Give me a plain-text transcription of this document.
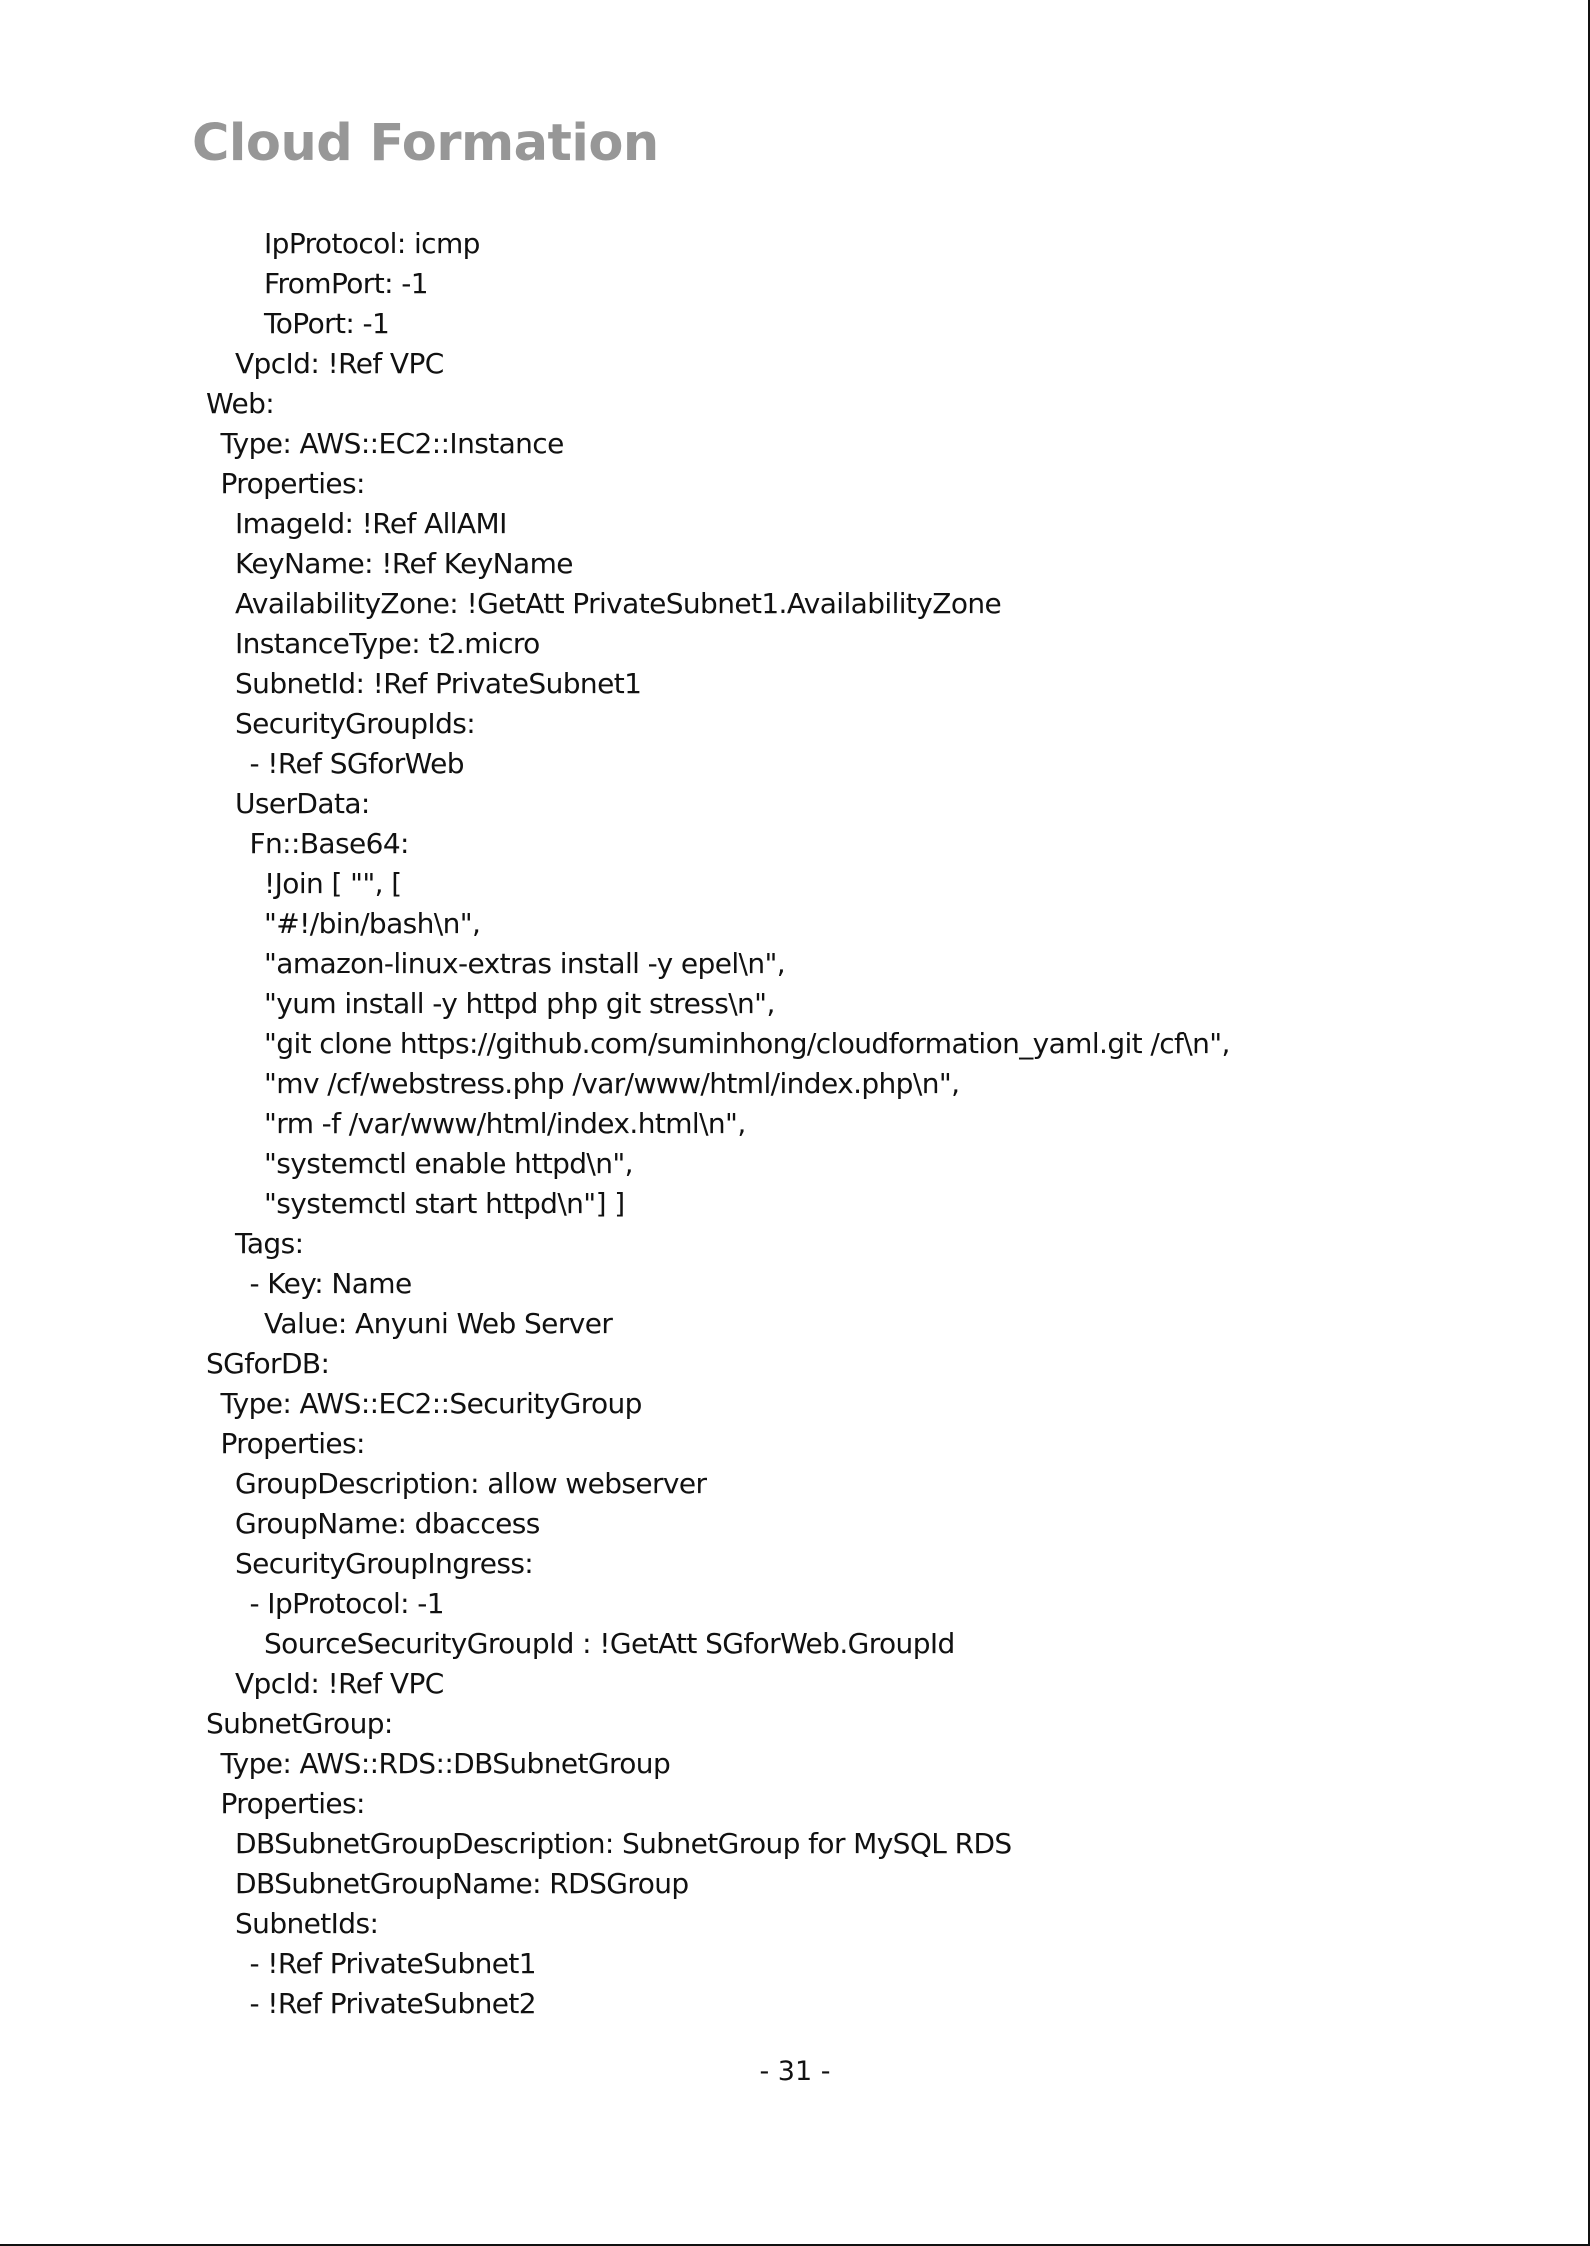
Cloud Formation
IpProtocol: icmp
FromPort: -1
ToPort: -1
VpcId: !Ref VPC
Web:
Type: AWS::EC2::Instance
Properties:
ImageId: !Ref AllAMI
KeyName: !Ref KeyName
AvailabilityZone: !GetAtt PrivateSubnet1.AvailabilityZone
InstanceType: t2.micro
SubnetId: !Ref PrivateSubnet1
SecurityGroupIds:
- !Ref SGforWeb
UserData:
Fn::Base64:
!Join [ "", [
"#!/bin/bash\n",
"amazon-linux-extras install -y epel\n",
"yum install -y httpd php git stress\n",
"git clone https://github.com/suminhong/cloudformation_yaml.git /cf\n",
"mv /cf/webstress.php /var/www/html/index.php\n",
"rm -f /var/www/html/index.html\n",
"systemctl enable httpd\n",
"systemctl start httpd\n"] ]
Tags:
- Key: Name
Value: Anyuni Web Server
SGforDB:
Type: AWS::EC2::SecurityGroup
Properties:
GroupDescription: allow webserver
GroupName: dbaccess
SecurityGroupIngress:
- IpProtocol: -1
SourceSecurityGroupId : !GetAtt SGforWeb.GroupId
VpcId: !Ref VPC
SubnetGroup:
Type: AWS::RDS::DBSubnetGroup
Properties:
DBSubnetGroupDescription: SubnetGroup for MySQL RDS
DBSubnetGroupName: RDSGroup
SubnetIds:
- !Ref PrivateSubnet1
- !Ref PrivateSubnet2
- 31 -
